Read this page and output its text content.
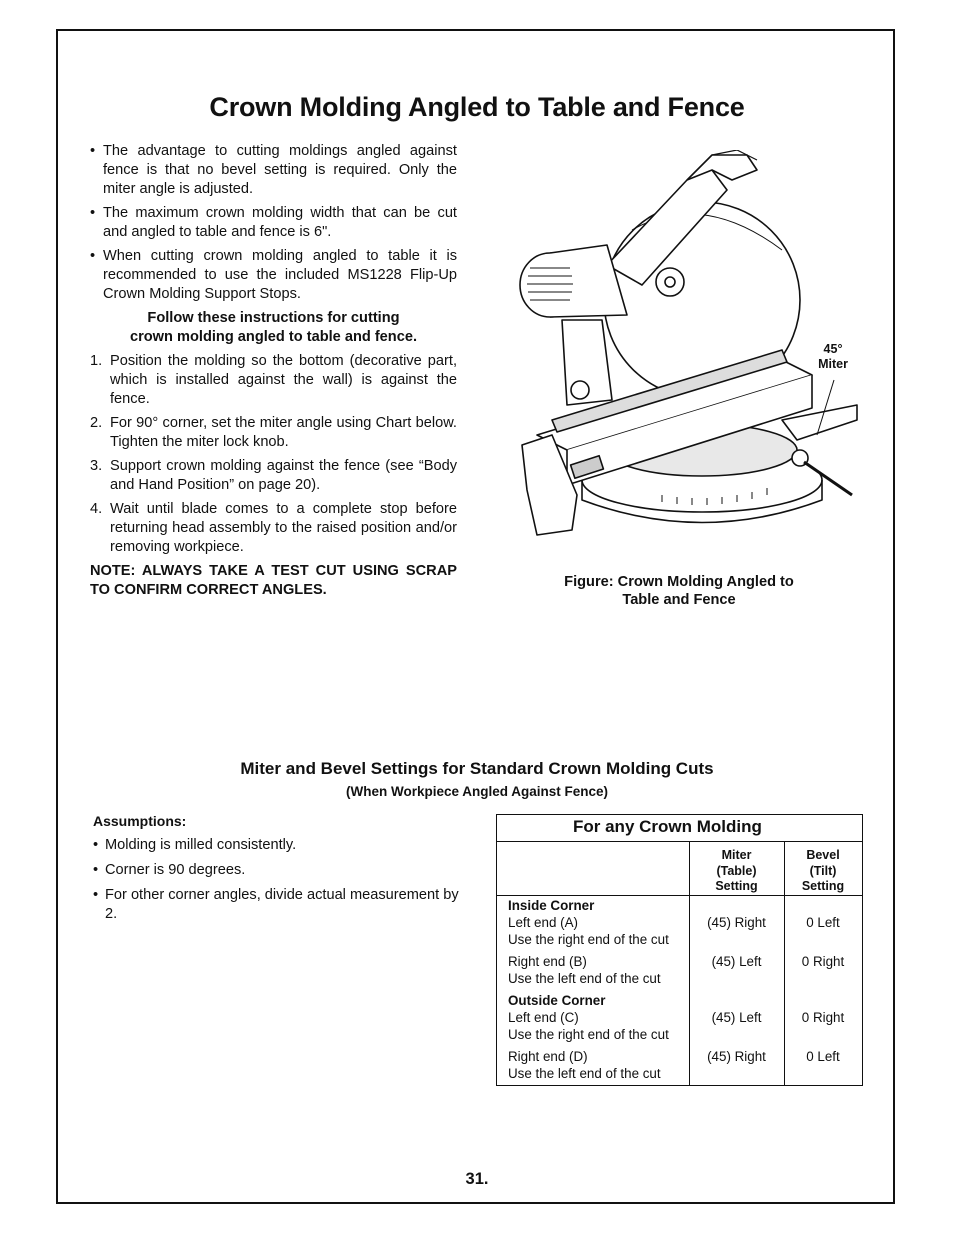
Crown Molding Angled to Table and Fence

• The advantage to cutting moldings angled against fence is that no bevel setting is required. Only the miter angle is adjusted.

• The maximum crown molding width that can be cut and angled to table and fence is 6".

• When cutting crown molding angled to table it is recommended to use the included MS1228 Flip-Up Crown Molding Support Stops.

Follow these instructions for cutting
crown molding angled to table and fence.

1. Position the molding so the bottom (decorative part, which is installed against the wall) is against the fence.

2. For 90° corner, set the miter angle using Chart below. Tighten the miter lock knob.

3. Support crown molding against the fence (see “Body and Hand Position” on page 20).

4. Wait until blade comes to a complete stop before returning head assembly to the raised position and/or removing workpiece.

NOTE: ALWAYS TAKE A TEST CUT USING SCRAP TO CONFIRM CORRECT ANGLES.
45°
Miter
Figure: Crown Molding Angled to
Table and Fence
Miter and Bevel Settings for Standard Crown Molding Cuts
(When Workpiece Angled Against Fence)
Assumptions:

• Molding is milled consistently.

• Corner is 90 degrees.

• For other corner angles, divide actual measurement by 2.

For any Crown Molding
Miter
(Table)
Setting
Bevel
(Tilt)
Setting
Inside Corner
Left end (A)
Use the right end of the cut
(45) Right	0 Left
Right end (B)
Use the left end of the cut
(45) Left	0 Right
Outside Corner
Left end (C)
Use the right end of the cut
(45) Left	0 Right
Right end (D)
Use the left end of the cut
(45) Right	0 Left
31.
